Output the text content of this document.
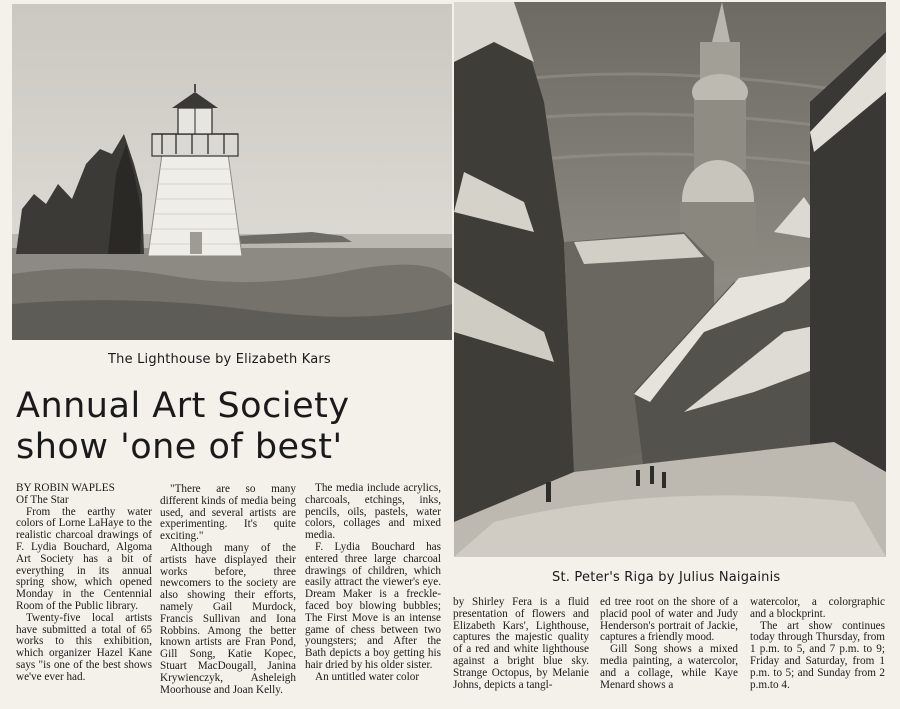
The Lighthouse by Elizabeth Kars
St. Peter's Riga by Julius Naigainis
Annual Art Society
show 'one of best'
BY ROBIN WAPLES
Of The Star

From the earthy water colors of Lorne LaHaye to the realistic charcoal drawings of F. Lydia Bouchard, Algoma Art Society has a bit of everything in its annual spring show, which opened Monday in the Centennial Room of the Public library.

Twenty-five local artists have submitted a total of 65 works to this exhibition, which organizer Hazel Kane says "is one of the best shows we've ever had.

"There are so many different kinds of media being used, and several artists are experimenting. It's quite exciting."

Although many of the artists have displayed their works before, three newcomers to the society are also showing their efforts, namely Gail Murdock, Francis Sullivan and Iona Robbins. Among the better known artists are Fran Pond, Gill Song, Katie Kopec, Stuart MacDougall, Janina Krywienczyk, Asheleigh Moorhouse and Joan Kelly.

The media include acrylics, charcoals, etchings, inks, pencils, oils, pastels, water colors, collages and mixed media.

F. Lydia Bouchard has entered three large charcoal drawings of children, which easily attract the viewer's eye. Dream Maker is a freckle-faced boy blowing bubbles; The First Move is an intense game of chess between two youngsters; and After the Bath depicts a boy getting his hair dried by his older sister.

An untitled water color

by Shirley Fera is a fluid presentation of flowers and Elizabeth Kars', Lighthouse, captures the majestic quality of a red and white lighthouse against a bright blue sky. Strange Octopus, by Melanie Johns, depicts a tangl-

ed tree root on the shore of a placid pool of water and Judy Henderson's portrait of Jackie, captures a friendly mood.

Gill Song shows a mixed media painting, a watercolor, and a collage, while Kaye Menard shows a

watercolor, a colorgraphic and a blockprint.

The art show continues today through Thursday, from 1 p.m. to 5, and 7 p.m. to 9; Friday and Saturday, from 1 p.m. to 5; and Sunday from 2 p.m.to 4.
